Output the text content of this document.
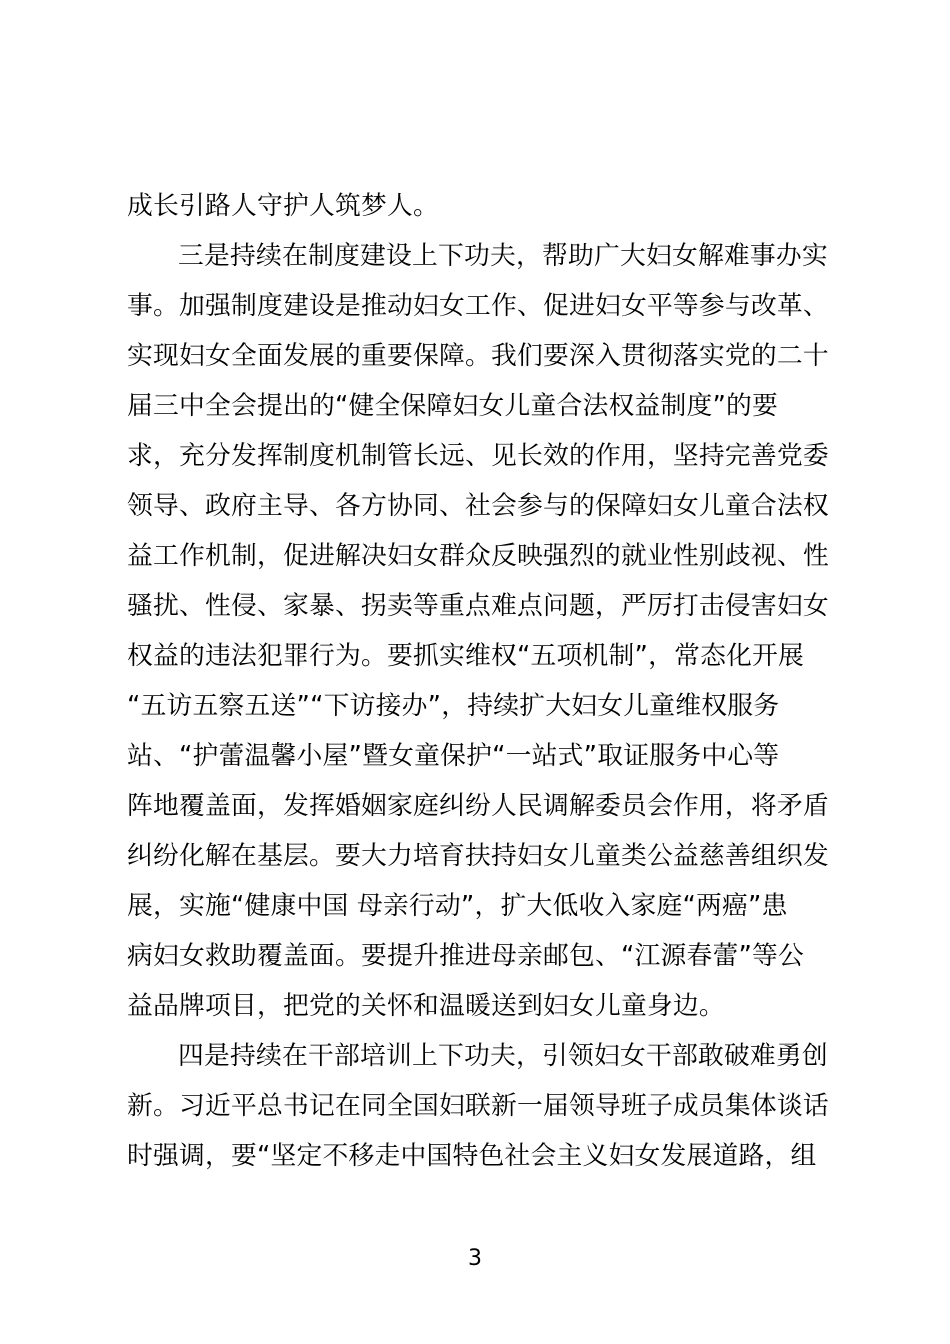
成长引路人守护人筑梦人。
三是持续在制度建设上下功夫，帮助广大妇女解难事办实
事。加强制度建设是推动妇女工作、促进妇女平等参与改革、
实现妇女全面发展的重要保障。我们要深入贯彻落实党的二十
届三中全会提出的“健全保障妇女儿童合法权益制度”的要
求，充分发挥制度机制管长远、见长效的作用，坚持完善党委
领导、政府主导、各方协同、社会参与的保障妇女儿童合法权
益工作机制，促进解决妇女群众反映强烈的就业性别歧视、性
骚扰、性侵、家暴、拐卖等重点难点问题，严厉打击侵害妇女
权益的违法犯罪行为。要抓实维权“五项机制”，常态化开展
“五访五察五送”“下访接办”，持续扩大妇女儿童维权服务
站、“护蕾温馨小屋”暨女童保护“一站式”取证服务中心等
阵地覆盖面，发挥婚姻家庭纠纷人民调解委员会作用，将矛盾
纠纷化解在基层。要大力培育扶持妇女儿童类公益慈善组织发
展，实施“健康中国 母亲行动”，扩大低收入家庭“两癌”患
病妇女救助覆盖面。要提升推进母亲邮包、“江源春蕾”等公
益品牌项目，把党的关怀和温暖送到妇女儿童身边。
四是持续在干部培训上下功夫，引领妇女干部敢破难勇创
新。习近平总书记在同全国妇联新一届领导班子成员集体谈话
时强调，要“坚定不移走中国特色社会主义妇女发展道路，组
3
